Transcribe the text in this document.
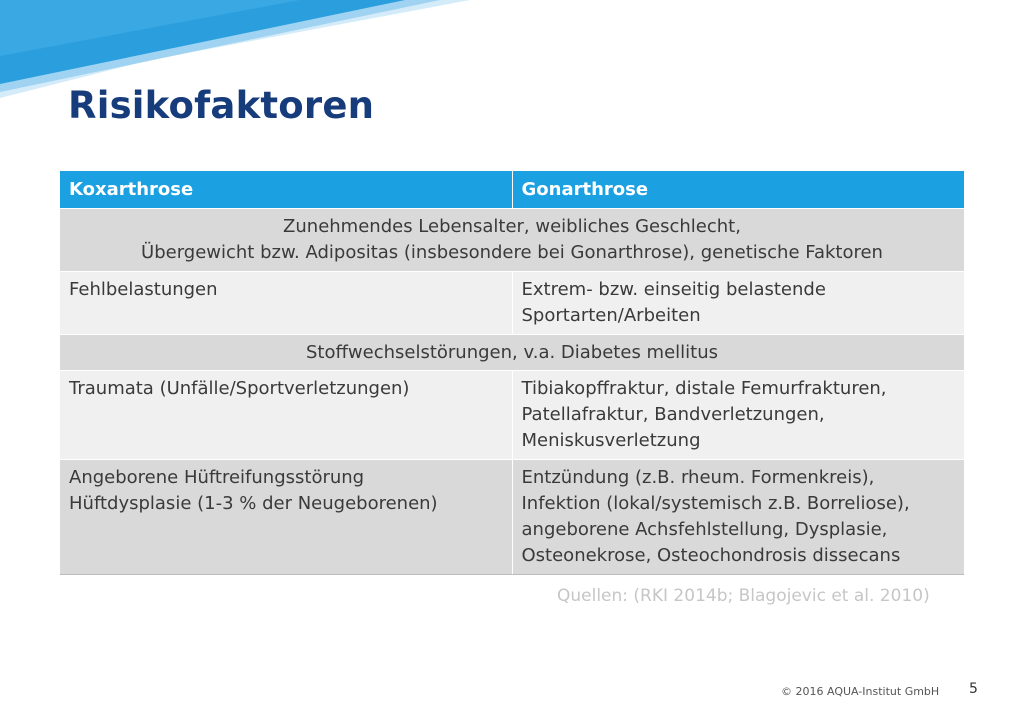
Risikofaktoren
Koxarthrose	Gonarthrose

Zunehmendes Lebensalter, weibliches Geschlecht,
Übergewicht bzw. Adipositas (insbesondere bei Gonarthrose), genetische Faktoren	

Fehlbelastungen	Extrem- bzw. einseitig belastende
Sportarten/Arbeiten

Stoffwechselstörungen, v.a. Diabetes mellitus	

Traumata (Unfälle/Sportverletzungen)	Tibiakopffraktur, distale Femurfrakturen,
Patellafraktur, Bandverletzungen,
Meniskusverletzung

Angeborene Hüftreifungsstörung
Hüftdysplasie (1-3 % der Neugeborenen)	Entzündung (z.B. rheum. Formenkreis),
Infektion (lokal/systemisch z.B. Borreliose),
angeborene Achsfehlstellung, Dysplasie,
Osteonekrose, Osteochondrosis dissecans
Quellen: (RKI 2014b; Blagojevic et al. 2010)
© 2016 AQUA-Institut GmbH 5
